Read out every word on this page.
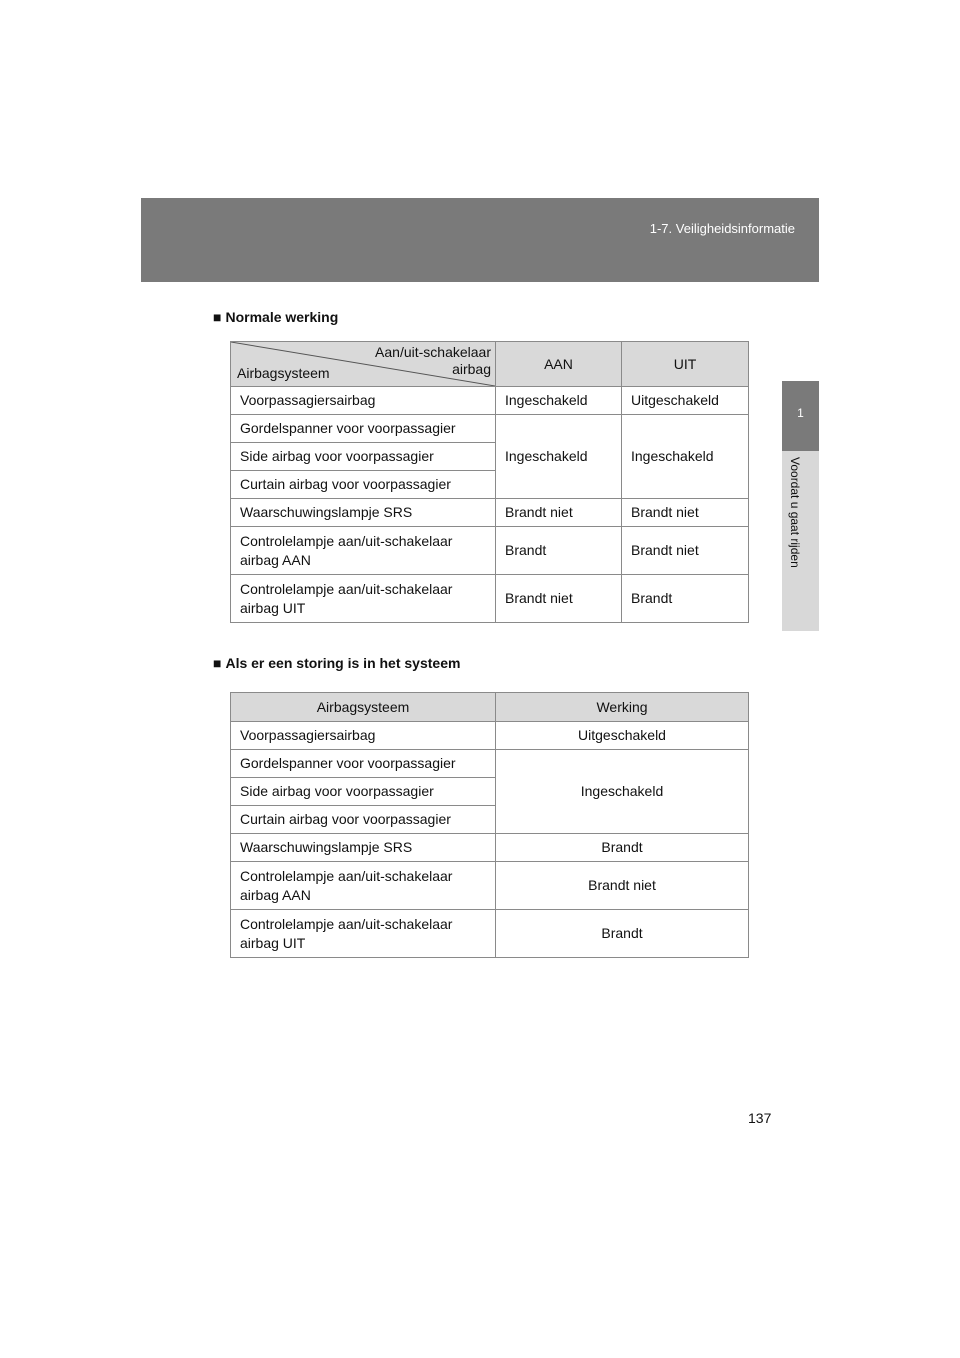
1-7. Veiligheidsinformatie
1
Voordat u gaat rijden
■ Normale werking
Aan/uit-schakelaar
airbag
Airbagsysteem	AAN	UIT
Voorpassagiersairbag	Ingeschakeld	Uitgeschakeld
Gordelspanner voor voorpassagier	Ingeschakeld	Ingeschakeld
Side airbag voor voorpassagier		
Curtain airbag voor voorpassagier		
Waarschuwingslampje SRS	Brandt niet	Brandt niet

Controlelampje aan/uit-schakelaar
airbag AAN	Brandt	Brandt niet

Controlelampje aan/uit-schakelaar
airbag UIT	Brandt niet	Brandt
■ Als er een storing is in het systeem
Airbagsysteem	Werking
Voorpassagiersairbag	Uitgeschakeld
Gordelspanner voor voorpassagier	Ingeschakeld
Side airbag voor voorpassagier	
Curtain airbag voor voorpassagier	
Waarschuwingslampje SRS	Brandt

Controlelampje aan/uit-schakelaar
airbag AAN	Brandt niet

Controlelampje aan/uit-schakelaar
airbag UIT	Brandt
137
